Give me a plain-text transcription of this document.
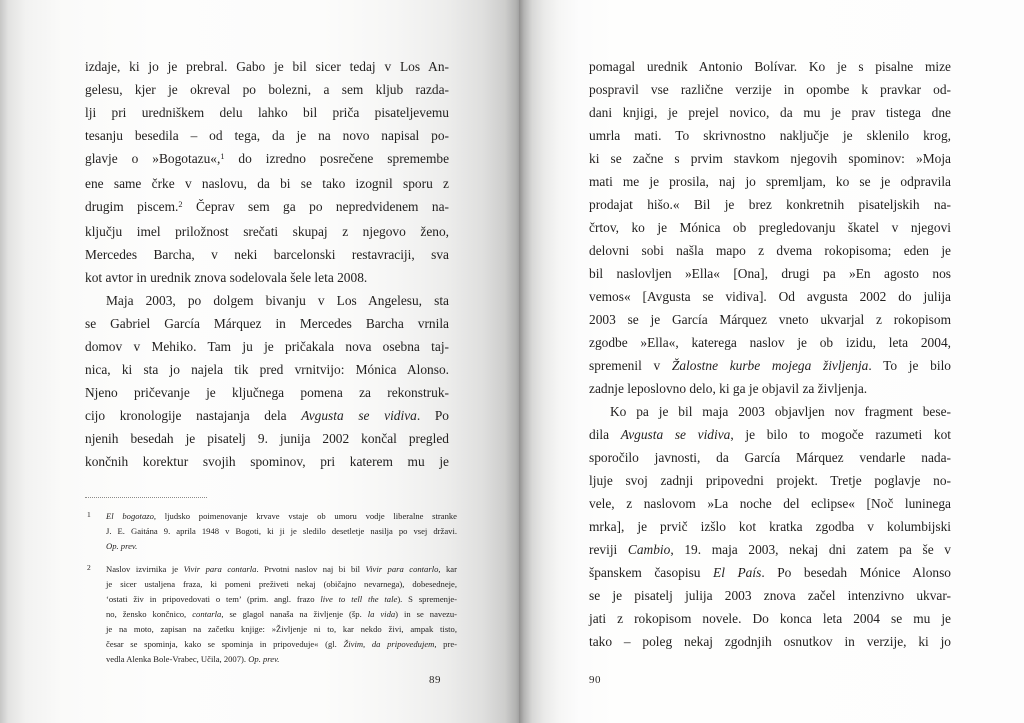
izdaje, ki jo je prebral. Gabo je bil sicer tedaj v Los An-
gelesu, kjer je okreval po bolezni, a sem kljub razda-
lji pri uredniškem delu lahko bil priča pisateljevemu
tesanju besedila – od tega, da je na novo napisal po-
glavje o »Bogotazu«,$^1$ do izredno posrečene spremembe
ene same črke v naslovu, da bi se tako izognil sporu z
drugim piscem.$^2$ Čeprav sem ga po nepredvidenem na-
ključju imel priložnost srečati skupaj z njegovo ženo,
Mercedes Barcha, v neki barcelonski restavraciji, sva
kot avtor in urednik znova sodelovala šele leta 2008.
Maja 2003, po dolgem bivanju v Los Angelesu, sta
se Gabriel García Márquez in Mercedes Barcha vrnila
domov v Mehiko. Tam ju je pričakala nova osebna taj-
nica, ki sta jo najela tik pred vrnitvijo: Mónica Alonso.
Njeno pričevanje je ključnega pomena za rekonstruk-
cijo kronologije nastajanja dela Avgusta se vidiva. Po
njenih besedah je pisatelj 9. junija 2002 končal pregled
končnih korektur svojih spominov, pri katerem mu je
1	El bogotazo, ljudsko poimenovanje krvave vstaje ob umoru vodje liberalne stranke
J. E. Gaitána 9. aprila 1948 v Bogoti, ki ji je sledilo desetletje nasilja po vsej državi.
Op. prev.
2	Naslov izvirnika je Vivir para contarla. Prvotni naslov naj bi bil Vivir para contarlo, kar
je sicer ustaljena fraza, ki pomeni preživeti nekaj (običajno nevarnega), dobesedneje,
‘ostati živ in pripovedovati o tem’ (prim. angl. frazo live to tell the tale). S spremenje-
no, žensko končnico, contarla, se glagol nanaša na življenje (šp. la vida) in se navezu-
je na moto, zapisan na začetku knjige: »Življenje ni to, kar nekdo živi, ampak tisto,
česar se spominja, kako se spominja in pripoveduje« (gl. Živim, da pripovedujem, pre-
vedla Alenka Bole-Vrabec, Učila, 2007). Op. prev.
89
pomagal urednik Antonio Bolívar. Ko je s pisalne mize
pospravil vse različne verzije in opombe k pravkar od-
dani knjigi, je prejel novico, da mu je prav tistega dne
umrla mati. To skrivnostno naključje je sklenilo krog,
ki se začne s prvim stavkom njegovih spominov: »Moja
mati me je prosila, naj jo spremljam, ko se je odpravila
prodajat hišo.« Bil je brez konkretnih pisateljskih na-
črtov, ko je Mónica ob pregledovanju škatel v njegovi
delovni sobi našla mapo z dvema rokopisoma; eden je
bil naslovljen »Ella« [Ona], drugi pa »En agosto nos
vemos« [Avgusta se vidiva]. Od avgusta 2002 do julija
2003 se je García Márquez vneto ukvarjal z rokopisom
zgodbe »Ella«, katerega naslov je ob izidu, leta 2004,
spremenil v Žalostne kurbe mojega življenja. To je bilo
zadnje leposlovno delo, ki ga je objavil za življenja.
Ko pa je bil maja 2003 objavljen nov fragment bese-
dila Avgusta se vidiva, je bilo to mogoče razumeti kot
sporočilo javnosti, da García Márquez vendarle nada-
ljuje svoj zadnji pripovedni projekt. Tretje poglavje no-
vele, z naslovom »La noche del eclipse« [Noč luninega
mrka], je prvič izšlo kot kratka zgodba v kolumbijski
reviji Cambio, 19. maja 2003, nekaj dni zatem pa še v
španskem časopisu El País. Po besedah Mónice Alonso
se je pisatelj julija 2003 znova začel intenzivno ukvar-
jati z rokopisom novele. Do konca leta 2004 se mu je
tako – poleg nekaj zgodnjih osnutkov in verzije, ki jo
90
